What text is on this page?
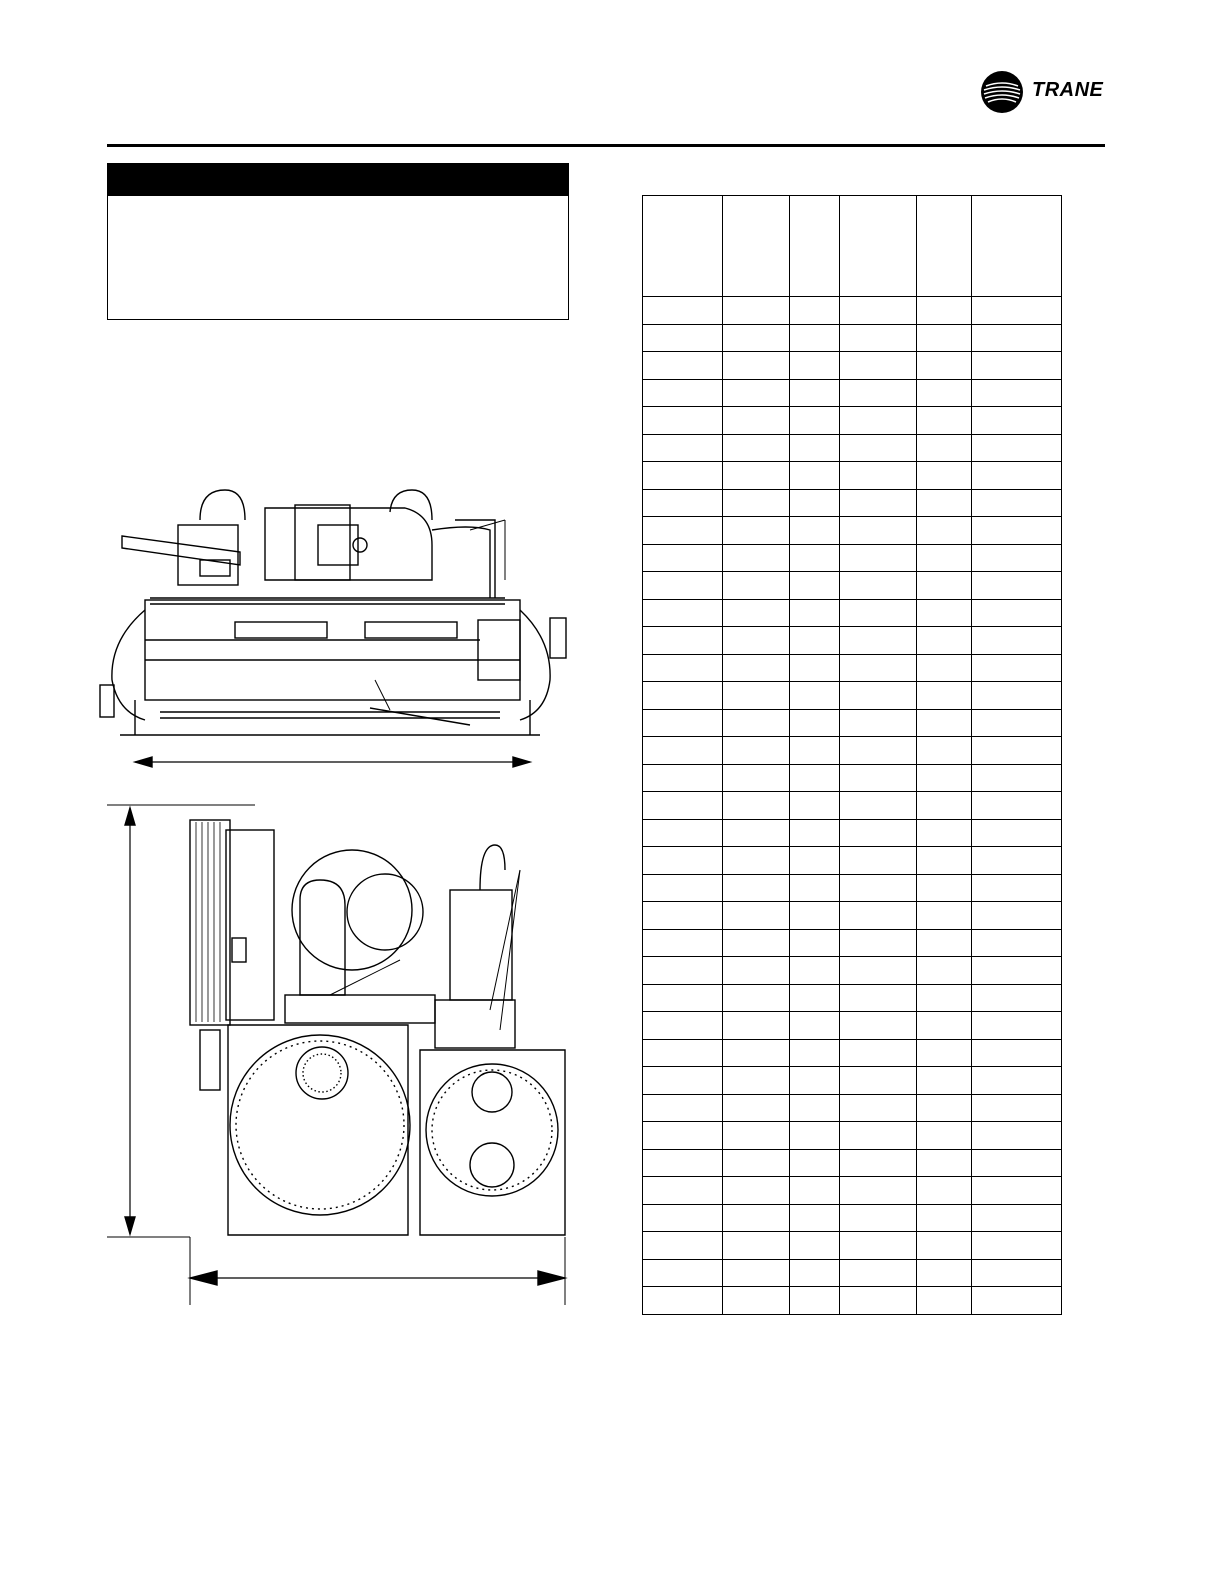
TRANE
